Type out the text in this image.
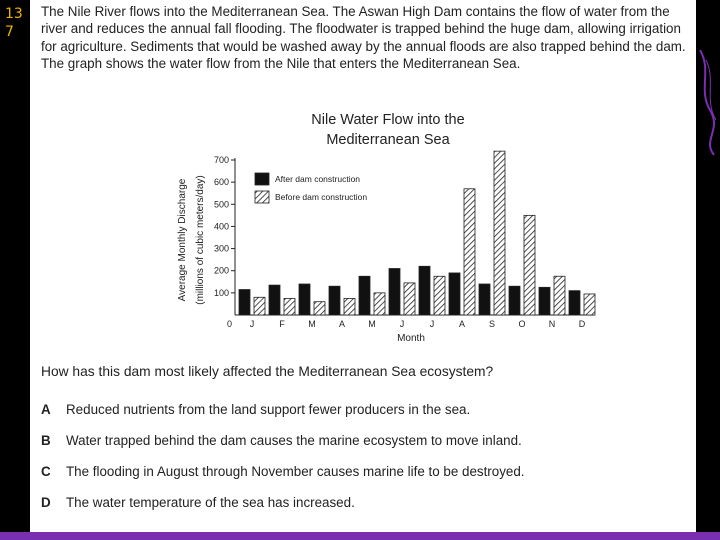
13 7
The Nile River flows into the Mediterranean Sea. The Aswan High Dam contains the flow of water from the river and reduces the annual fall flooding. The floodwater is trapped behind the huge dam, allowing irrigation for agriculture. Sediments that would be washed away by the annual floods are also trapped behind the dam. The graph shows the water flow from the Nile that enters the Mediterranean Sea.
Nile Water Flow into the Mediterranean Sea
0
100
200
300
400
500
600
700
Average Monthly Discharge (millions of cubic meters/day)
J	F	M	A	M	J	J	A	S	O	N	D
Month
After dam construction
Before dam construction
How has this dam most likely affected the Mediterranean Sea ecosystem?
A Reduced nutrients from the land support fewer producers in the sea.
B Water trapped behind the dam causes the marine ecosystem to move inland.
C The flooding in August through November causes marine life to be destroyed.
D The water temperature of the sea has increased.
